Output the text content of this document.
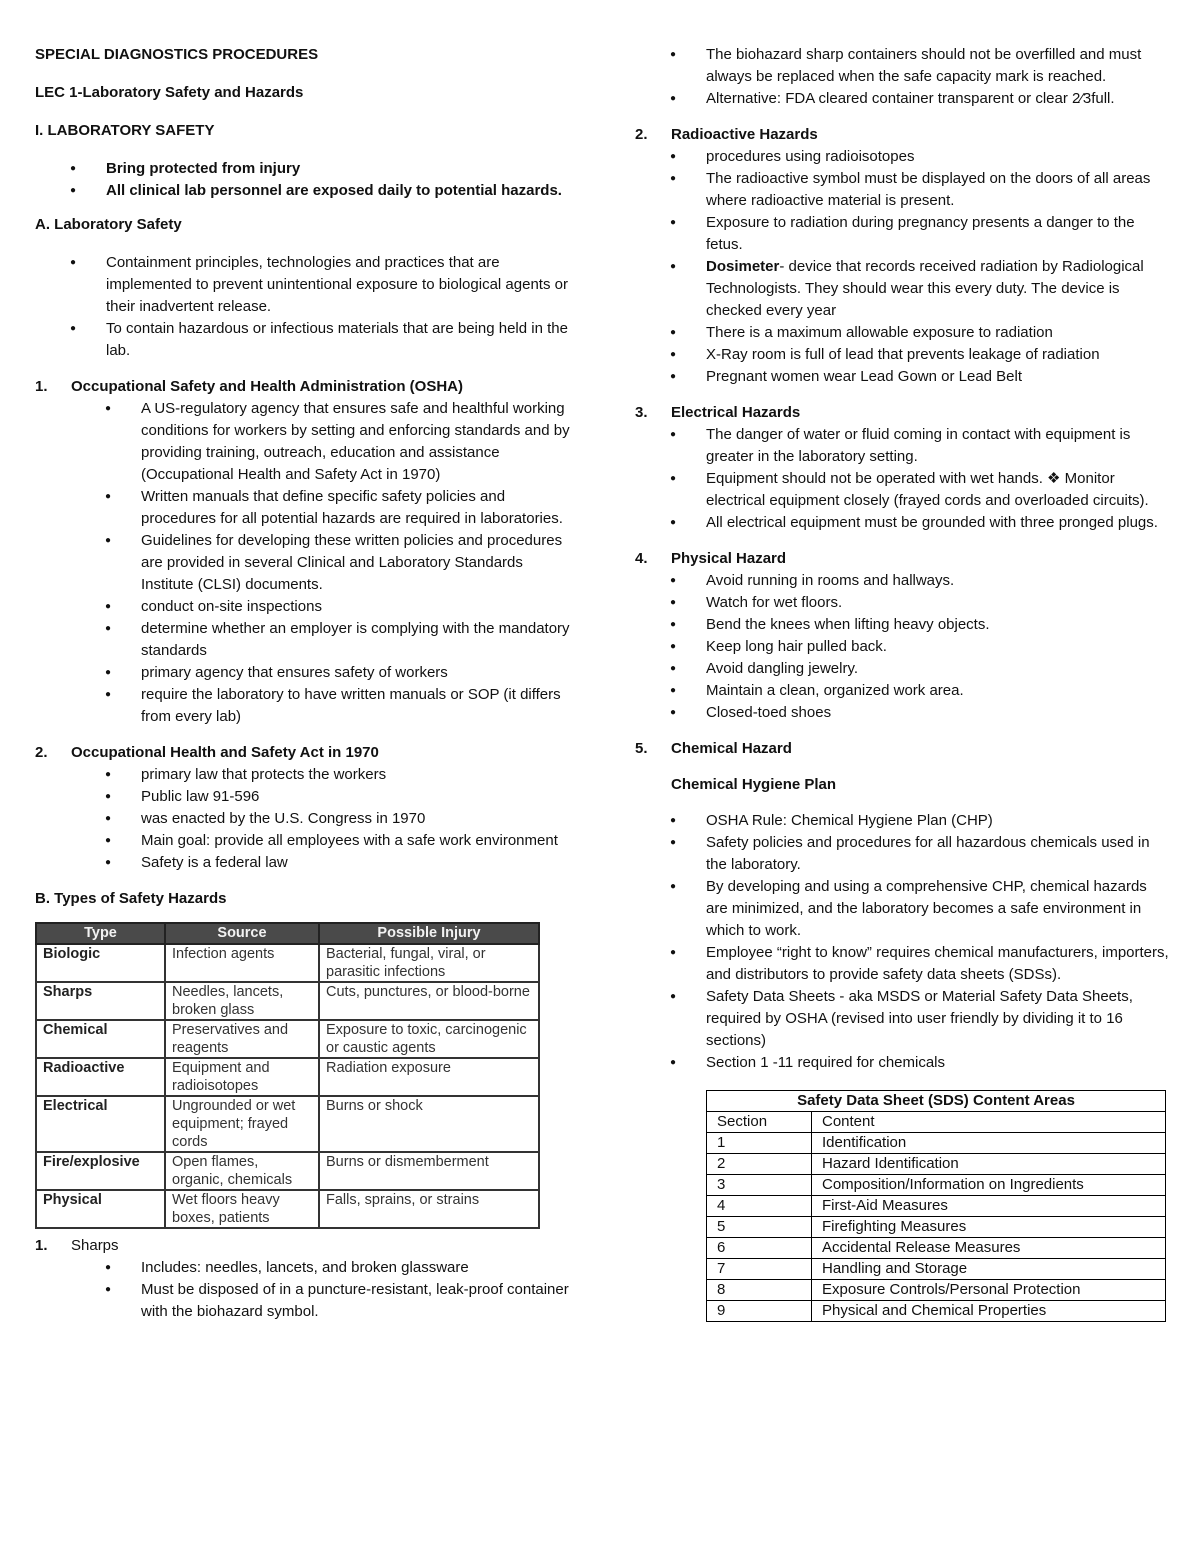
SPECIAL DIAGNOSTICS PROCEDURES
LEC 1-Laboratory Safety and Hazards
I. LABORATORY SAFETY
● Bring protected from injury
● All clinical lab personnel are exposed daily to potential hazards.
A. Laboratory Safety
● Containment principles, technologies and practices that are implemented to prevent unintentional exposure to biological agents or their inadvertent release.
● To contain hazardous or infectious materials that are being held in the lab.
1.	Occupational Safety and Health Administration (OSHA)
● A US-regulatory agency that ensures safe and healthful working conditions for workers by setting and enforcing standards and by providing training, outreach, education and assistance (Occupational Health and Safety Act in 1970)
● Written manuals that define specific safety policies and procedures for all potential hazards are required in laboratories.
● Guidelines for developing these written policies and procedures are provided in several Clinical and Laboratory Standards Institute (CLSI) documents.
● conduct on-site inspections
● determine whether an employer is complying with the mandatory standards
● primary agency that ensures safety of workers
● require the laboratory to have written manuals or SOP (it differs from every lab)
2.	Occupational Health and Safety Act in 1970
● primary law that protects the workers
● Public law 91-596
● was enacted by the U.S. Congress in 1970
● Main goal: provide all employees with a safe work environment
● Safety is a federal law
B. Types of Safety Hazards
Type	Source	Possible Injury
Biologic	Infection agents	Bacterial, fungal, viral, or parasitic infections
Sharps	Needles, lancets, broken glass	Cuts, punctures, or blood-borne
Chemical	Preservatives and reagents	Exposure to toxic, carcinogenic or caustic agents
Radioactive	Equipment and radioisotopes	Radiation exposure
Electrical	Ungrounded or wet equipment; frayed cords	Burns or shock
Fire/explosive	Open flames, organic, chemicals	Burns or dismemberment
Physical	Wet floors heavy boxes, patients	Falls, sprains, or strains
1.	Sharps
● Includes: needles, lancets, and broken glassware
● Must be disposed of in a puncture-resistant, leak-proof container with the biohazard symbol.
● The biohazard sharp containers should not be overfilled and must always be replaced when the safe capacity mark is reached.
● Alternative: FDA cleared container transparent or clear 2⁄3full.
2.	Radioactive Hazards
● procedures using radioisotopes
● The radioactive symbol must be displayed on the doors of all areas where radioactive material is present.
● Exposure to radiation during pregnancy presents a danger to the fetus.
● Dosimeter- device that records received radiation by Radiological Technologists. They should wear this every duty. The device is checked every year
● There is a maximum allowable exposure to radiation
● X-Ray room is full of lead that prevents leakage of radiation
● Pregnant women wear Lead Gown or Lead Belt
3.	Electrical Hazards
● The danger of water or fluid coming in contact with equipment is greater in the laboratory setting.
● Equipment should not be operated with wet hands. ❖ Monitor electrical equipment closely (frayed cords and overloaded circuits).
● All electrical equipment must be grounded with three pronged plugs.
4.	Physical Hazard
● Avoid running in rooms and hallways.
● Watch for wet floors.
● Bend the knees when lifting heavy objects.
● Keep long hair pulled back.
● Avoid dangling jewelry.
● Maintain a clean, organized work area.
● Closed-toed shoes
5.	Chemical Hazard
Chemical Hygiene Plan
● OSHA Rule: Chemical Hygiene Plan (CHP)
● Safety policies and procedures for all hazardous chemicals used in the laboratory.
● By developing and using a comprehensive CHP, chemical hazards are minimized, and the laboratory becomes a safe environment in which to work.
● Employee “right to know” requires chemical manufacturers, importers, and distributors to provide safety data sheets (SDSs).
● Safety Data Sheets - aka MSDS or Material Safety Data Sheets, required by OSHA (revised into user friendly by dividing it to 16 sections)
● Section 1 -11 required for chemicals
Safety Data Sheet (SDS) Content Areas	
Section	Content
1	Identification
2	Hazard Identification
3	Composition/Information on Ingredients
4	First-Aid Measures
5	Firefighting Measures
6	Accidental Release Measures
7	Handling and Storage
8	Exposure Controls/Personal Protection
9	Physical and Chemical Properties
